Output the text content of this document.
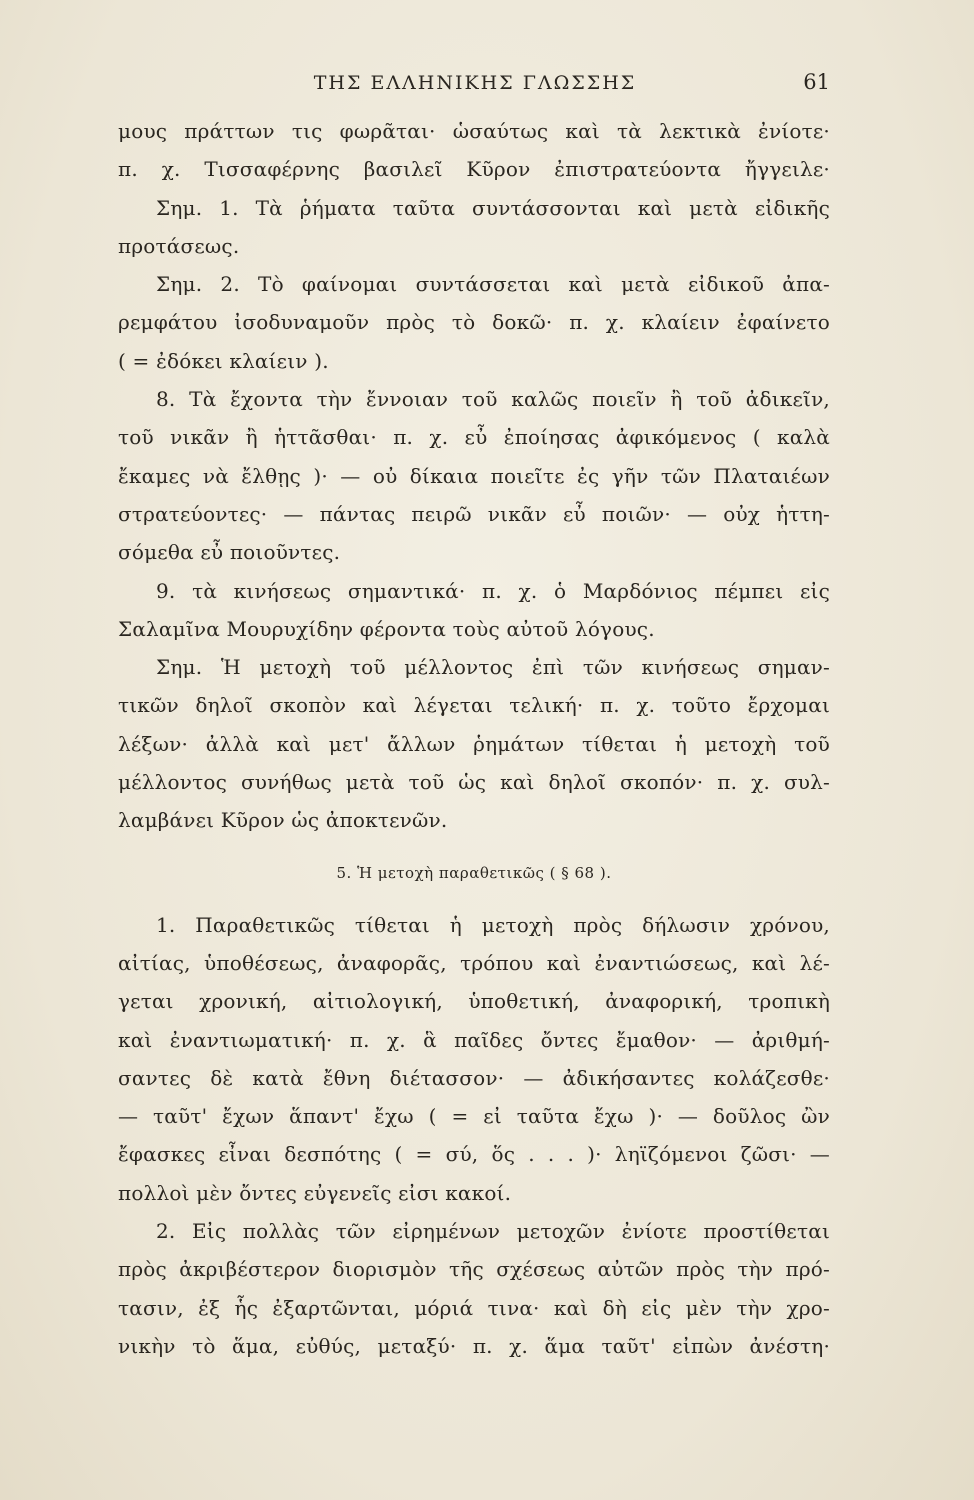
ΤΗΣ ΕΛΛΗΝΙΚΗΣ ΓΛΩΣΣΗΣ	61
μους πράττων τις φωρᾶται· ὡσαύτως καὶ τὰ λεκτικὰ ἐνίοτε·
π. χ. Τισσαφέρνης βασιλεῖ Κῦρον ἐπιστρατεύοντα ἤγγειλε·
Σημ. 1. Τὰ ῥήματα ταῦτα συντάσσονται καὶ μετὰ εἰδικῆς
προτάσεως.
Σημ. 2. Τὸ φαίνομαι συντάσσεται καὶ μετὰ εἰδικοῦ ἀπα-
ρεμφάτου ἰσοδυναμοῦν πρὸς τὸ δοκῶ· π. χ. κλαίειν ἐφαίνετο
( = ἐδόκει κλαίειν ).
8. Τὰ ἔχοντα τὴν ἔννοιαν τοῦ καλῶς ποιεῖν ἢ τοῦ ἀδικεῖν,
τοῦ νικᾶν ἢ ἡττᾶσθαι· π. χ. εὖ ἐποίησας ἀφικόμενος ( καλὰ
ἔκαμες νὰ ἔλθῃς )· — οὐ δίκαια ποιεῖτε ἐς γῆν τῶν Πλαταιέων
στρατεύοντες· — πάντας πειρῶ νικᾶν εὖ ποιῶν· — οὐχ ἡττη-
σόμεθα εὖ ποιοῦντες.
9. τὰ κινήσεως σημαντικά· π. χ. ὁ Μαρδόνιος πέμπει εἰς
Σαλαμῖνα Μουρυχίδην φέροντα τοὺς αὐτοῦ λόγους.
Σημ. Ἡ μετοχὴ τοῦ μέλλοντος ἐπὶ τῶν κινήσεως σημαν-
τικῶν δηλοῖ σκοπὸν καὶ λέγεται τελική· π. χ. τοῦτο ἔρχομαι
λέξων· ἀλλὰ καὶ μετ' ἄλλων ῥημάτων τίθεται ἡ μετοχὴ τοῦ
μέλλοντος συνήθως μετὰ τοῦ ὡς καὶ δηλοῖ σκοπόν· π. χ. συλ-
λαμβάνει Κῦρον ὡς ἀποκτενῶν.
5. Ἡ μετοχὴ παραθετικῶς ( § 68 ).
1. Παραθετικῶς τίθεται ἡ μετοχὴ πρὸς δήλωσιν χρόνου,
αἰτίας, ὑποθέσεως, ἀναφορᾶς, τρόπου καὶ ἐναντιώσεως, καὶ λέ-
γεται χρονική, αἰτιολογική, ὑποθετική, ἀναφορική, τροπικὴ
καὶ ἐναντιωματική· π. χ. ἃ παῖδες ὄντες ἔμαθον· — ἀριθμή-
σαντες δὲ κατὰ ἔθνη διέτασσον· — ἀδικήσαντες κολάζεσθε·
— ταῦτ' ἔχων ἅπαντ' ἔχω ( = εἰ ταῦτα ἔχω )· — δοῦλος ὢν
ἔφασκες εἶναι δεσπότης ( = σύ, ὅς . . . )· ληϊζόμενοι ζῶσι· —
πολλοὶ μὲν ὄντες εὐγενεῖς εἰσι κακοί.
2. Εἰς πολλὰς τῶν εἰρημένων μετοχῶν ἐνίοτε προστίθεται
πρὸς ἀκριβέστερον διορισμὸν τῆς σχέσεως αὐτῶν πρὸς τὴν πρό-
τασιν, ἐξ ἧς ἐξαρτῶνται, μόριά τινα· καὶ δὴ εἰς μὲν τὴν χρο-
νικὴν τὸ ἅμα, εὐθύς, μεταξύ· π. χ. ἅμα ταῦτ' εἰπὼν ἀνέστη·
